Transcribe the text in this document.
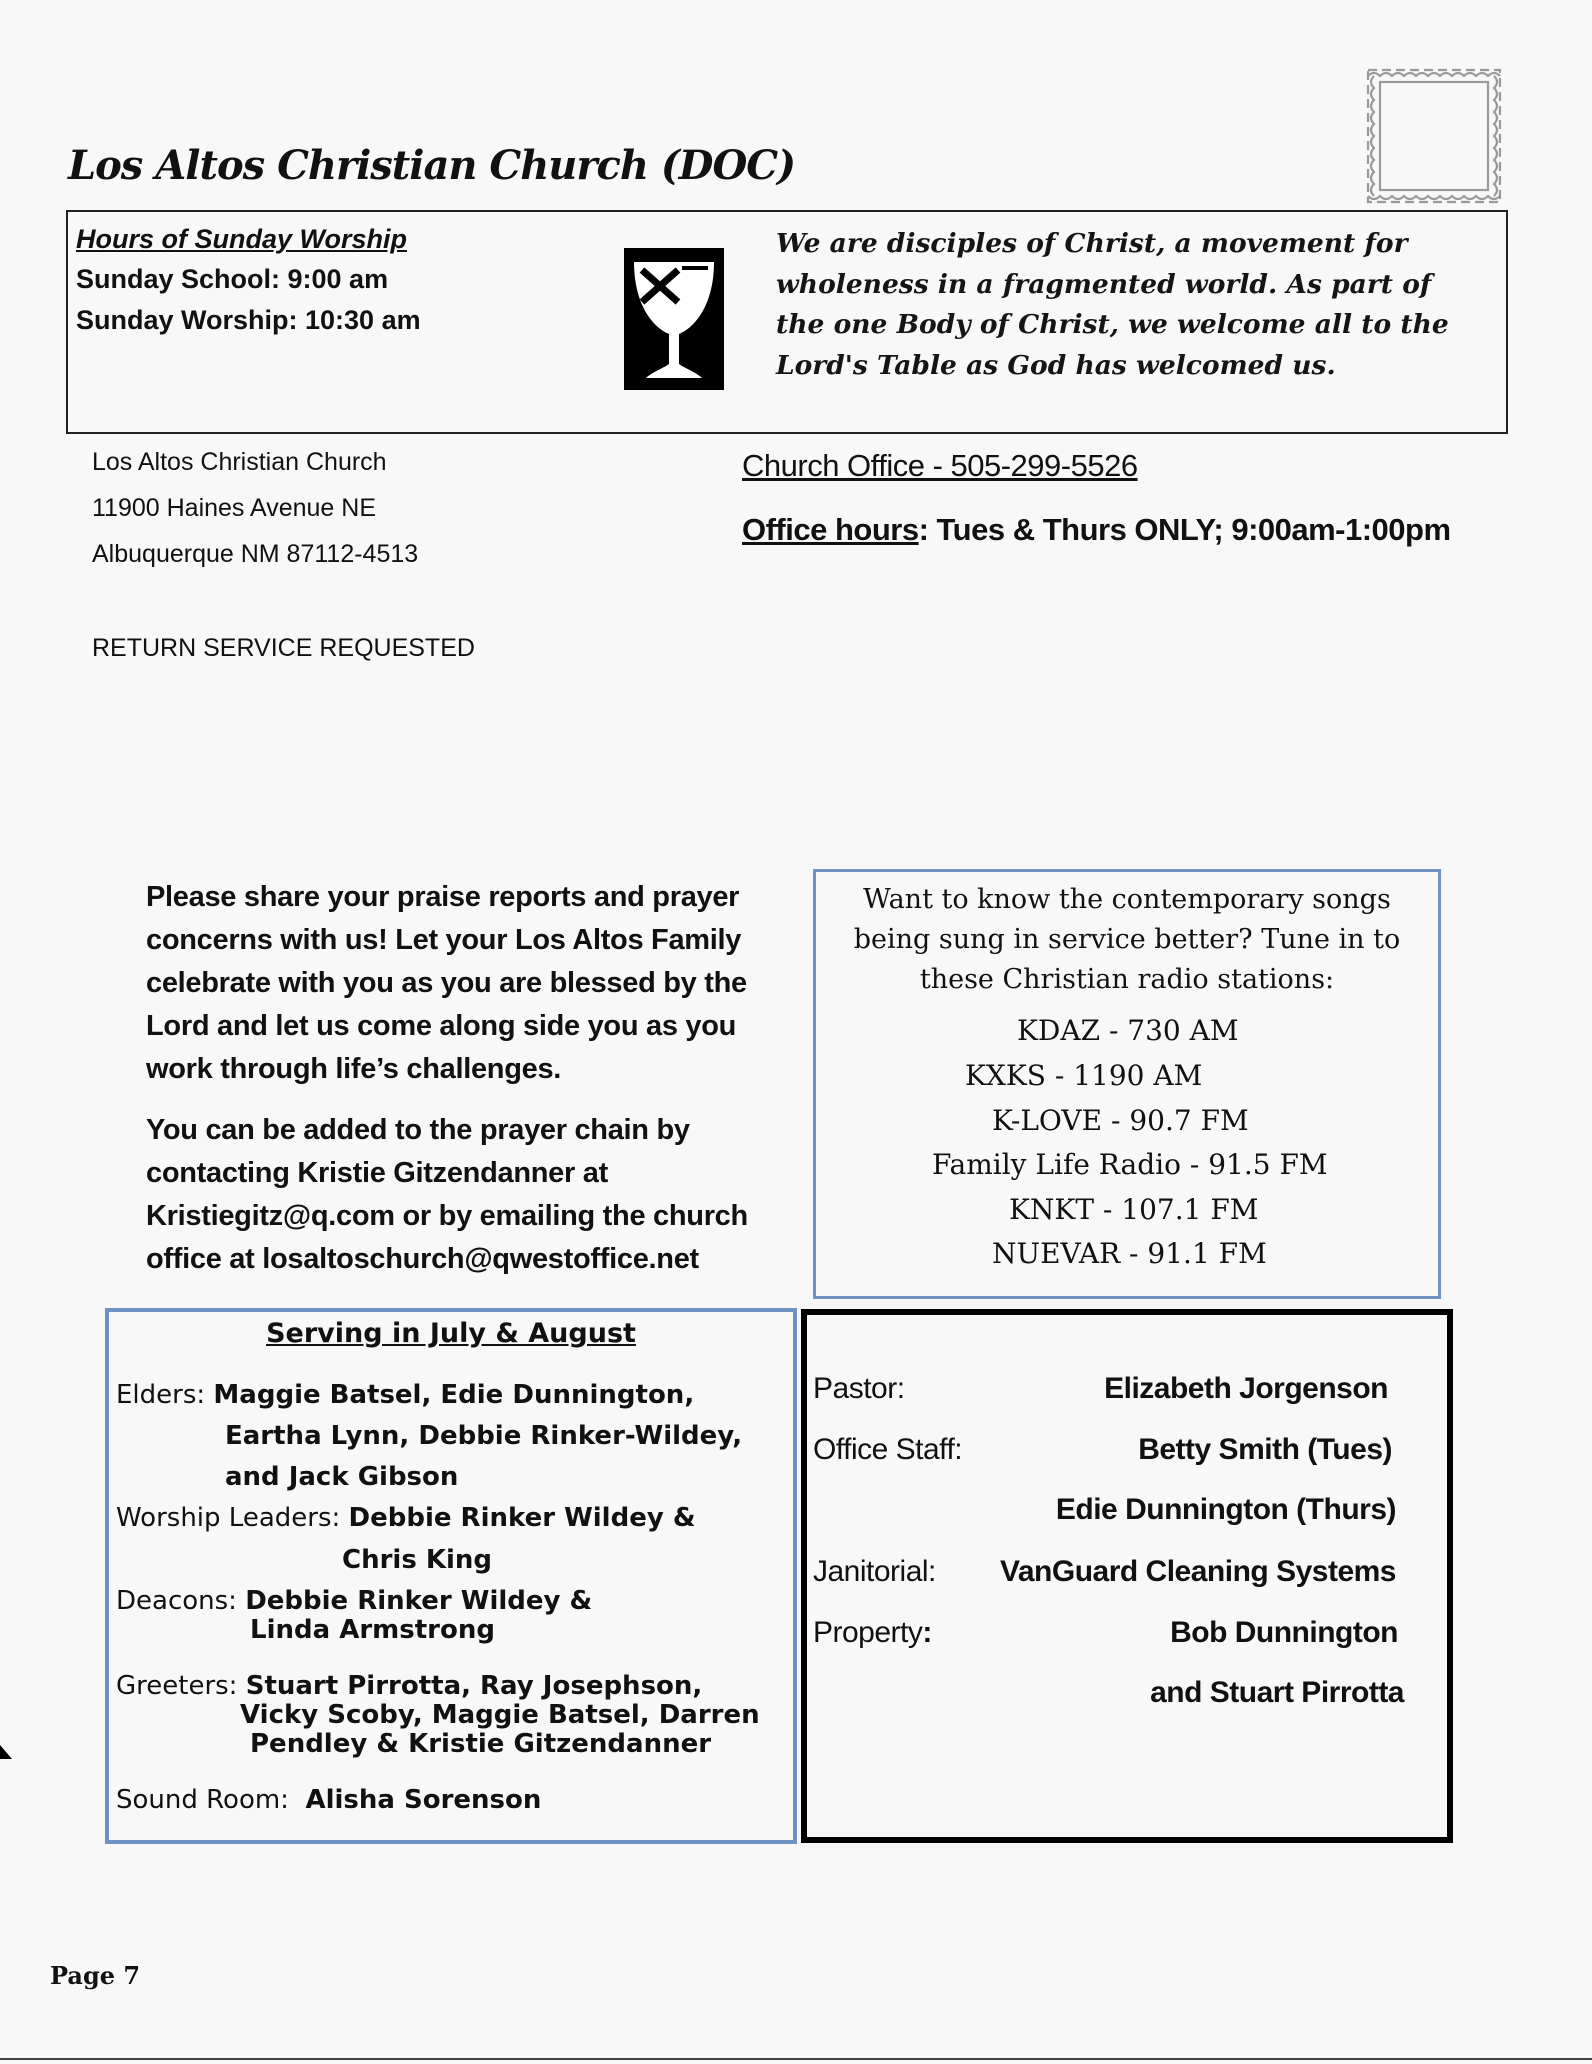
Los Altos Christian Church (DOC)
Hours of Sunday Worship
Sunday School: 9:00 am
Sunday Worship: 10:30 am
We are disciples of Christ, a movement for
wholeness in a fragmented world. As part of
the one Body of Christ, we welcome all to the
Lord's Table as God has welcomed us.
Los Altos Christian Church
11900 Haines Avenue NE
Albuquerque NM 87112-4513
RETURN SERVICE REQUESTED
Church Office - 505-299-5526
Office hours: Tues & Thurs ONLY; 9:00am-1:00pm

Please share your praise reports and prayer concerns with us! Let your Los Altos Family celebrate with you as you are blessed by the Lord and let us come along side you as you work through life’s challenges.

You can be added to the prayer chain by contacting Kristie Gitzendanner at Kristiegitz@q.com or by emailing the church office at losaltoschurch@qwestoffice.net

Want to know the contemporary songs being sung in service better? Tune in to these Christian radio stations:
KDAZ - 730 AM
KXKS - 1190 AM
K-LOVE - 90.7 FM
Family Life Radio - 91.5 FM
KNKT - 107.1 FM
NUEVAR - 91.1 FM
Serving in July & August
Elders: Maggie Batsel, Edie Dunnington,
Eartha Lynn, Debbie Rinker-Wildey,
and Jack Gibson
Worship Leaders: Debbie Rinker Wildey &
Chris King
Deacons: Debbie Rinker Wildey &
Linda Armstrong
Greeters: Stuart Pirrotta, Ray Josephson,
Vicky Scoby, Maggie Batsel, Darren
Pendley & Kristie Gitzendanner
Sound Room: Alisha Sorenson
Pastor:	Elizabeth Jorgenson
Office Staff:	Betty Smith (Tues)
Edie Dunnington (Thurs)
Janitorial: VanGuard Cleaning Systems
Property:	Bob Dunnington
and Stuart Pirrotta
Page 7
